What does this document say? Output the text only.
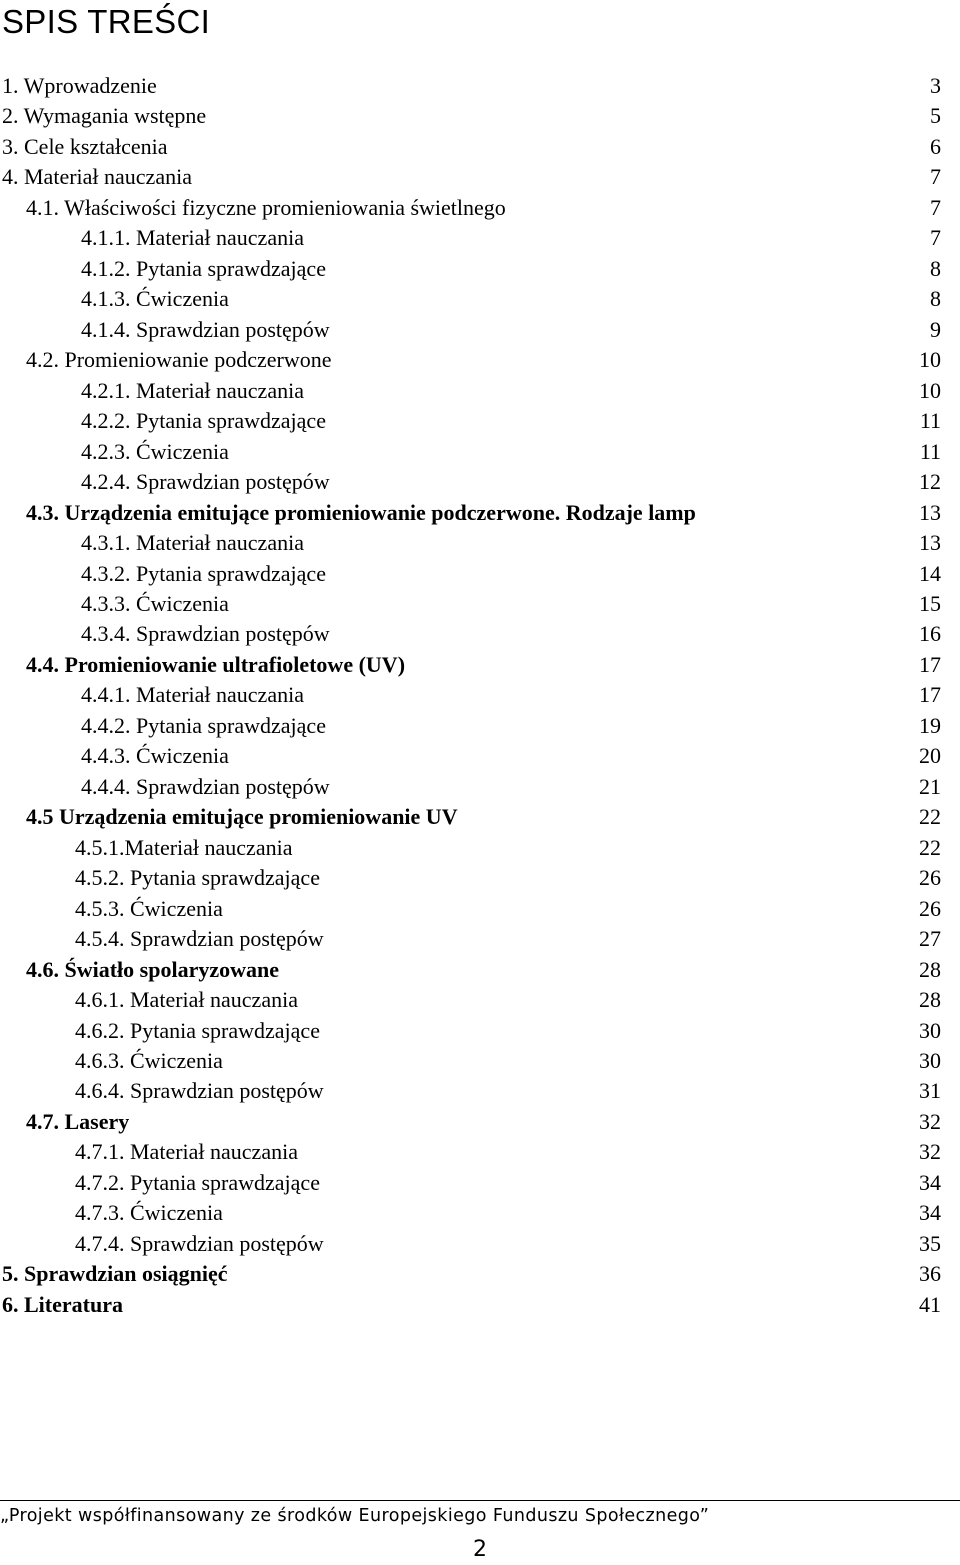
SPIS TREŚCI
1. Wprowadzenie	3
2. Wymagania wstępne	5
3. Cele kształcenia	6
4. Materiał nauczania	7
4.1. Właściwości fizyczne promieniowania świetlnego	7
4.1.1. Materiał nauczania	7
4.1.2. Pytania sprawdzające	8
4.1.3. Ćwiczenia	8
4.1.4. Sprawdzian postępów	9
4.2. Promieniowanie podczerwone	10
4.2.1. Materiał nauczania	10
4.2.2. Pytania sprawdzające	11
4.2.3. Ćwiczenia	11
4.2.4. Sprawdzian postępów	12
4.3. Urządzenia emitujące promieniowanie podczerwone. Rodzaje lamp	13
4.3.1. Materiał nauczania	13
4.3.2. Pytania sprawdzające	14
4.3.3. Ćwiczenia	15
4.3.4. Sprawdzian postępów	16
4.4. Promieniowanie ultrafioletowe (UV)	17
4.4.1. Materiał nauczania	17
4.4.2. Pytania sprawdzające	19
4.4.3. Ćwiczenia	20
4.4.4. Sprawdzian postępów	21
4.5 Urządzenia emitujące promieniowanie UV	22
4.5.1.Materiał nauczania	22
4.5.2. Pytania sprawdzające	26
4.5.3. Ćwiczenia	26
4.5.4. Sprawdzian postępów	27
4.6. Światło spolaryzowane	28
4.6.1. Materiał nauczania	28
4.6.2. Pytania sprawdzające	30
4.6.3. Ćwiczenia	30
4.6.4. Sprawdzian postępów	31
4.7. Lasery	32
4.7.1. Materiał nauczania	32
4.7.2. Pytania sprawdzające	34
4.7.3. Ćwiczenia	34
4.7.4. Sprawdzian postępów	35
5. Sprawdzian osiągnięć	36
6. Literatura	41
„Projekt współfinansowany ze środków Europejskiego Funduszu Społecznego”
2
